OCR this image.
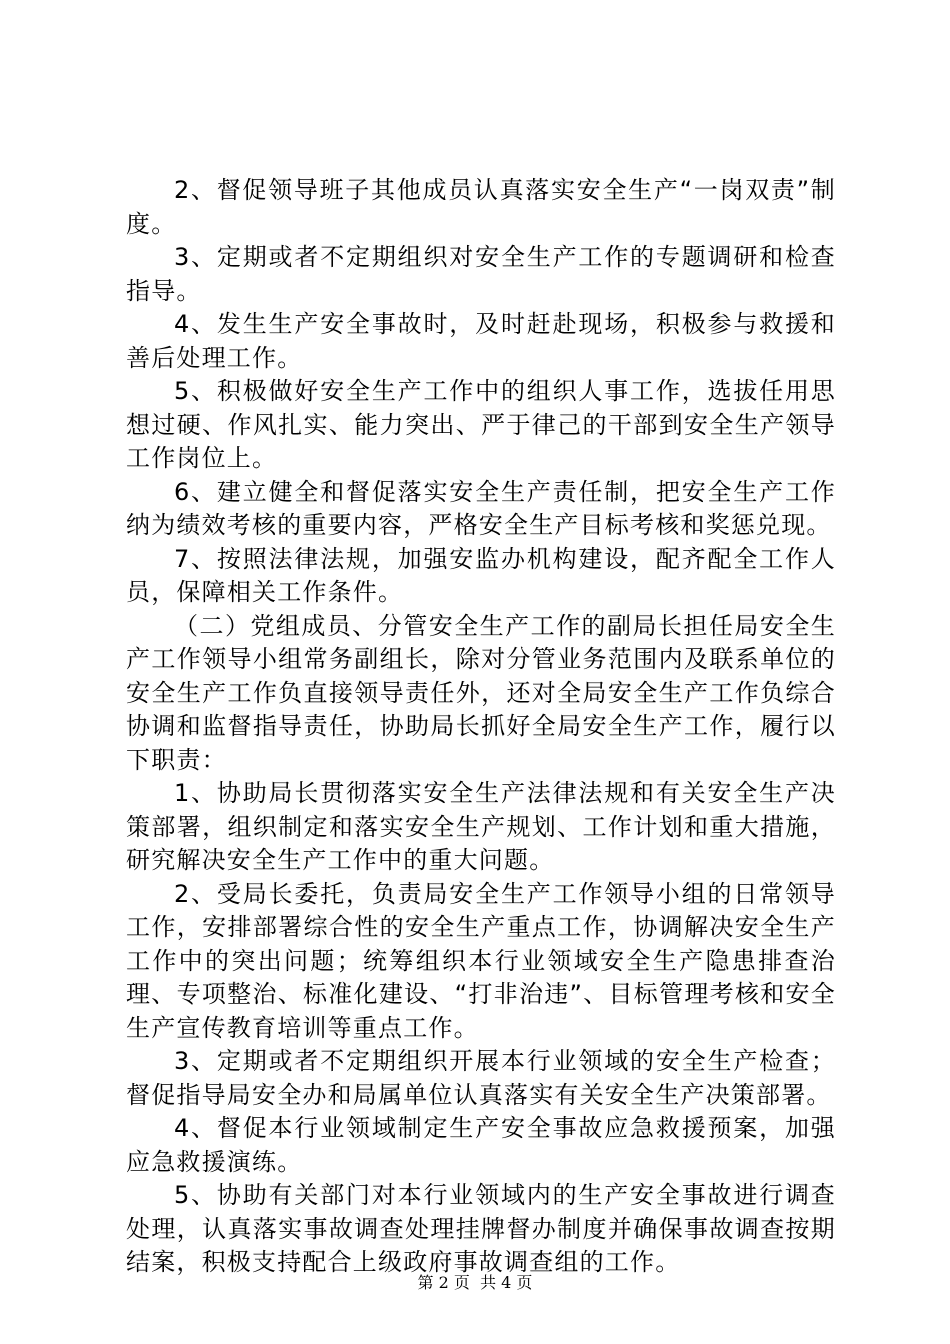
2、督促领导班子其他成员认真落实安全生产“一岗双责”制度。

3、定期或者不定期组织对安全生产工作的专题调研和检查指导。

4、发生生产安全事故时，及时赶赴现场，积极参与救援和善后处理工作。

5、积极做好安全生产工作中的组织人事工作，选拔任用思想过硬、作风扎实、能力突出、严于律己的干部到安全生产领导工作岗位上。

6、建立健全和督促落实安全生产责任制，把安全生产工作纳为绩效考核的重要内容，严格安全生产目标考核和奖惩兑现。

7、按照法律法规，加强安监办机构建设，配齐配全工作人员，保障相关工作条件。

（二）党组成员、分管安全生产工作的副局长担任局安全生产工作领导小组常务副组长，除对分管业务范围内及联系单位的安全生产工作负直接领导责任外，还对全局安全生产工作负综合协调和监督指导责任，协助局长抓好全局安全生产工作，履行以下职责：

1、协助局长贯彻落实安全生产法律法规和有关安全生产决策部署，组织制定和落实安全生产规划、工作计划和重大措施，研究解决安全生产工作中的重大问题。

2、受局长委托，负责局安全生产工作领导小组的日常领导工作，安排部署综合性的安全生产重点工作，协调解决安全生产工作中的突出问题；统筹组织本行业领域安全生产隐患排查治理、专项整治、标准化建设、“打非治违”、目标管理考核和安全生产宣传教育培训等重点工作。

3、定期或者不定期组织开展本行业领域的安全生产检查；督促指导局安全办和局属单位认真落实有关安全生产决策部署。

4、督促本行业领域制定生产安全事故应急救援预案，加强应急救援演练。

5、协助有关部门对本行业领域内的生产安全事故进行调查处理，认真落实事故调查处理挂牌督办制度并确保事故调查按期结案，积极支持配合上级政府事故调查组的工作。

第 2 页  共 4 页
